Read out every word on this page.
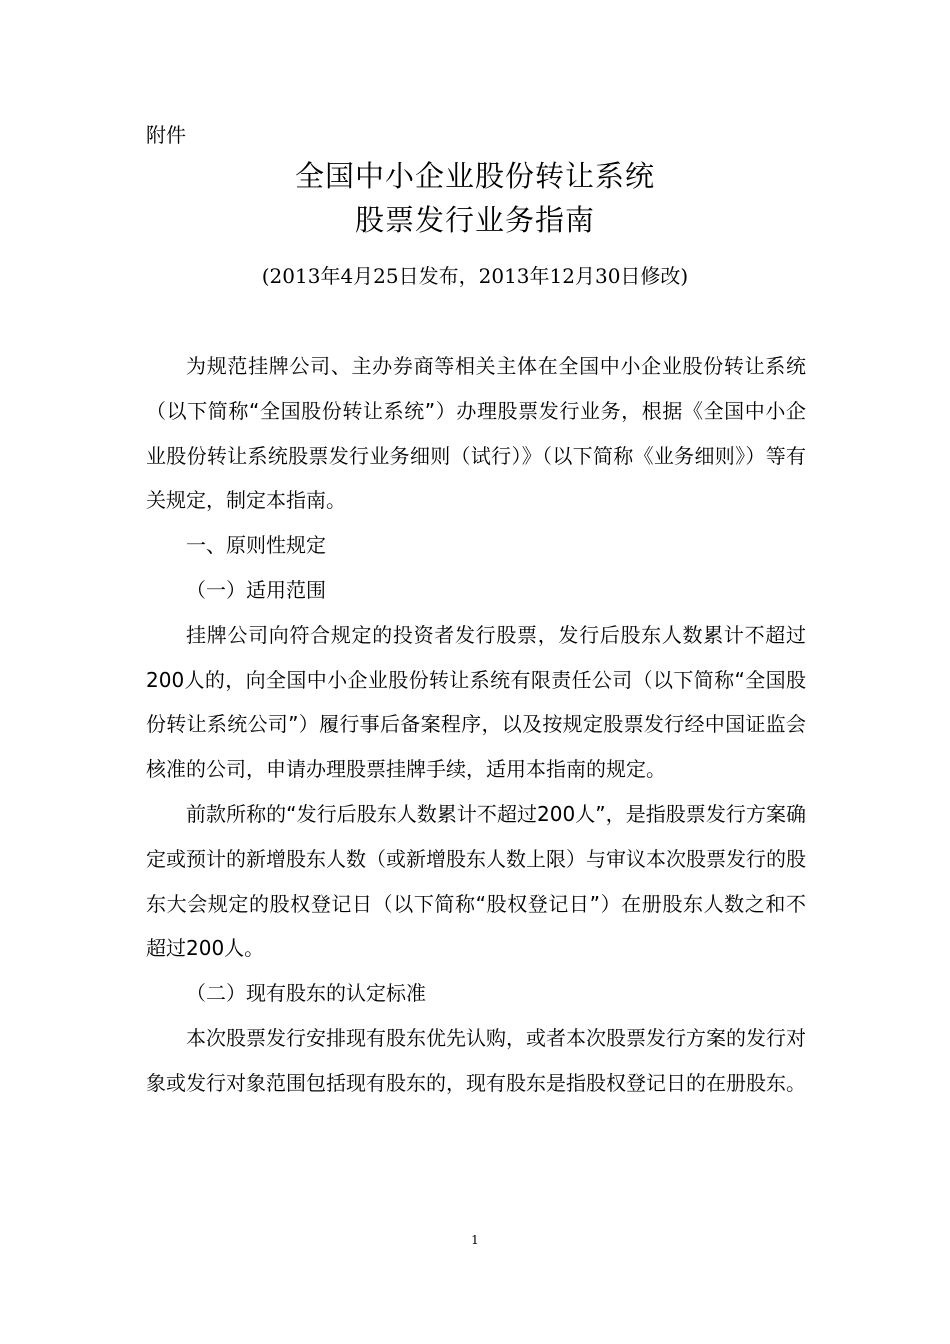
附件
全国中小企业股份转让系统
股票发行业务指南
(2013年4月25日发布，2013年12月30日修改)

为规范挂牌公司、主办券商等相关主体在全国中小企业股份转让系统（以下简称“全国股份转让系统”）办理股票发行业务，根据《全国中小企业股份转让系统股票发行业务细则（试行）》（以下简称《业务细则》）等有关规定，制定本指南。

一、原则性规定

（一）适用范围

挂牌公司向符合规定的投资者发行股票，发行后股东人数累计不超过200人的，向全国中小企业股份转让系统有限责任公司（以下简称“全国股份转让系统公司”）履行事后备案程序，以及按规定股票发行经中国证监会核准的公司，申请办理股票挂牌手续，适用本指南的规定。

前款所称的“发行后股东人数累计不超过200人”，是指股票发行方案确定或预计的新增股东人数（或新增股东人数上限）与审议本次股票发行的股东大会规定的股权登记日（以下简称“股权登记日”）在册股东人数之和不超过200人。

（二）现有股东的认定标准

本次股票发行安排现有股东优先认购，或者本次股票发行方案的发行对象或发行对象范围包括现有股东的，现有股东是指股权登记日的在册股东。

1
